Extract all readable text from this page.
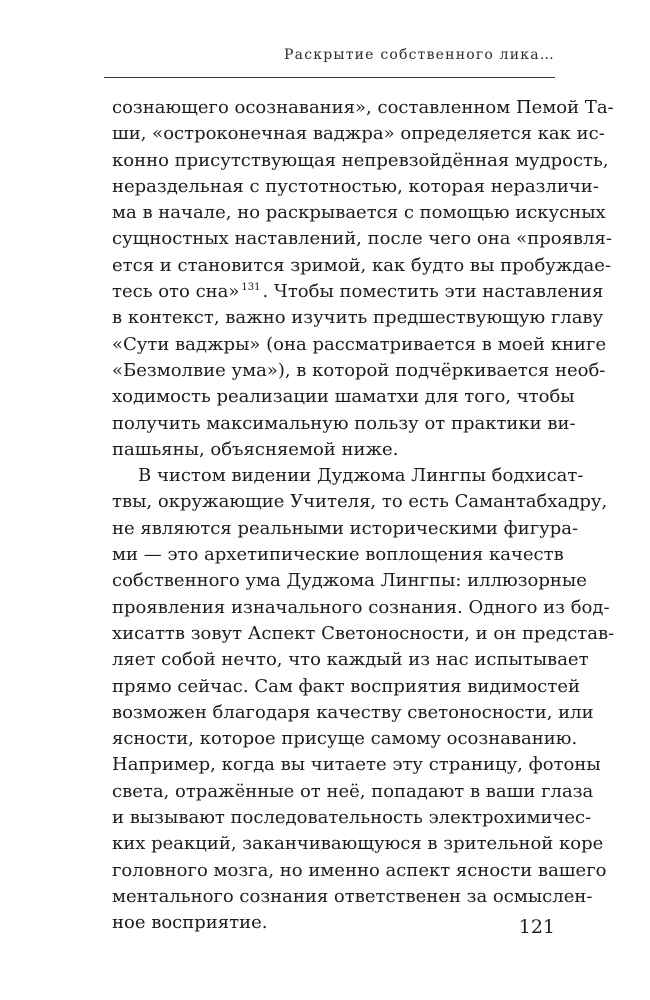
Раскрытие собственного лика…

сознающего осознавания», составленном Пемой Та-
ши, «остроконечная ваджра» определяется как ис-
конно присутствующая непревзойдённая мудрость,
нераздельная с пустотностью, которая неразличи-
ма в начале, но раскрывается с помощью искусных
сущностных наставлений, после чего она «проявля-
ется и становится зримой, как будто вы пробуждае-
тесь ото сна» $^{131}$ . Чтобы поместить эти наставления
в контекст, важно изучить предшествующую главу
«Сути ваджры» (она рассматривается в моей книге
«Безмолвие ума»), в которой подчёркивается необ-
ходимость реализации шаматхи для того, чтобы
получить максимальную пользу от практики ви-
пашьяны, объясняемой ниже.

В чистом видении Дуджома Лингпы бодхисат-
твы, окружающие Учителя, то есть Самантабхадру,
не являются реальными историческими фигура-
ми — это архетипические воплощения качеств
собственного ума Дуджома Лингпы: иллюзорные
проявления изначального сознания. Одного из бод-
хисаттв зовут Аспект Светоносности, и он представ-
ляет собой нечто, что каждый из нас испытывает
прямо сейчас. Сам факт восприятия видимостей
возможен благодаря качеству светоносности, или
ясности, которое присуще самому осознаванию.
Например, когда вы читаете эту страницу, фотоны
света, отражённые от неё, попадают в ваши глаза
и вызывают последовательность электрохимичес-
ких реакций, заканчивающуюся в зрительной коре
головного мозга, но именно аспект ясности вашего
ментального сознания ответственен за осмыслен-
ное восприятие.	121
